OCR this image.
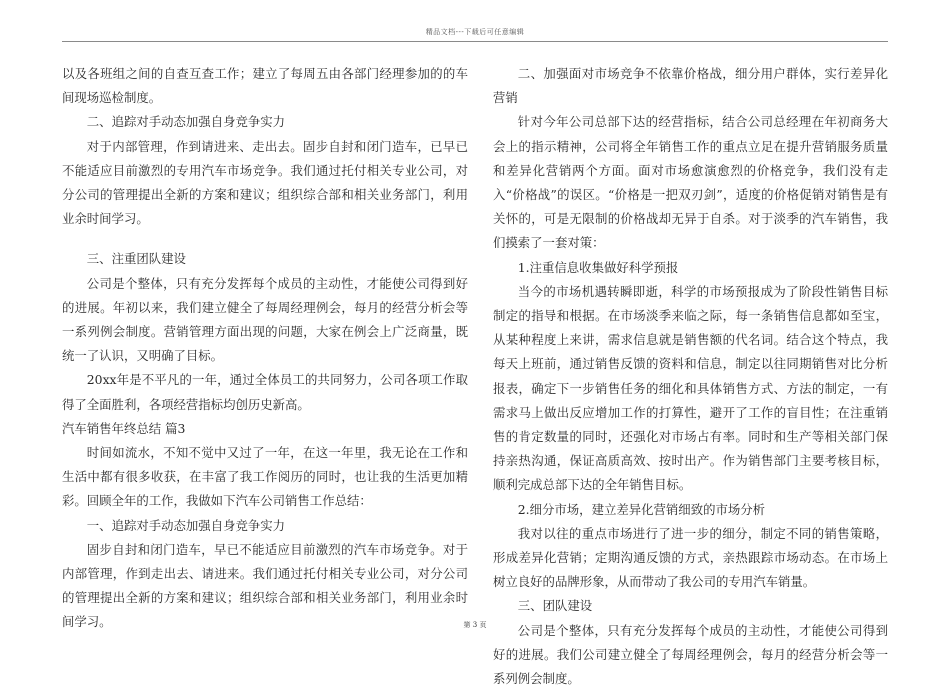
精品文档---下载后可任意编辑

以及各班组之间的自查互查工作；建立了每周五由各部门经理参加的的车间现场巡检制度。

二、追踪对手动态加强自身竞争实力

对于内部管理，作到请进来、走出去。固步自封和闭门造车，已早已不能适应目前激烈的专用汽车市场竞争。我们通过托付相关专业公司，对分公司的管理提出全新的方案和建议；组织综合部和相关业务部门，利用业余时间学习。

三、注重团队建设

公司是个整体，只有充分发挥每个成员的主动性，才能使公司得到好的进展。年初以来，我们建立健全了每周经理例会，每月的经营分析会等一系列例会制度。营销管理方面出现的问题，大家在例会上广泛商量，既统一了认识，又明确了目标。

20xx年是不平凡的一年，通过全体员工的共同努力，公司各项工作取得了全面胜利，各项经营指标均创历史新高。

汽车销售年终总结 篇3

时间如流水，不知不觉中又过了一年，在这一年里，我无论在工作和生活中都有很多收获，在丰富了我工作阅历的同时，也让我的生活更加精彩。回顾全年的工作，我做如下汽车公司销售工作总结：

一、追踪对手动态加强自身竞争实力

固步自封和闭门造车，早已不能适应目前激烈的汽车市场竞争。对于内部管理，作到走出去、请进来。我们通过托付相关专业公司，对分公司的管理提出全新的方案和建议；组织综合部和相关业务部门，利用业余时间学习。

二、加强面对市场竞争不依靠价格战，细分用户群体，实行差异化营销

针对今年公司总部下达的经营指标，结合公司总经理在年初商务大会上的指示精神，公司将全年销售工作的重点立足在提升营销服务质量和差异化营销两个方面。面对市场愈演愈烈的价格竞争，我们没有走入“价格战”的误区。“价格是一把双刃剑”，适度的价格促销对销售是有关怀的，可是无限制的价格战却无异于自杀。对于淡季的汽车销售，我们摸索了一套对策：

1.注重信息收集做好科学预报

当今的市场机遇转瞬即逝，科学的市场预报成为了阶段性销售目标制定的指导和根据。在市场淡季来临之际，每一条销售信息都如至宝，从某种程度上来讲，需求信息就是销售额的代名词。结合这个特点，我每天上班前，通过销售反馈的资料和信息，制定以往同期销售对比分析报表，确定下一步销售任务的细化和具体销售方式、方法的制定，一有需求马上做出反应增加工作的打算性，避开了工作的盲目性；在注重销售的肯定数量的同时，还强化对市场占有率。同时和生产等相关部门保持亲热沟通，保证高质高效、按时出产。作为销售部门主要考核目标，顺利完成总部下达的全年销售目标。

2.细分市场，建立差异化营销细致的市场分析

我对以往的重点市场进行了进一步的细分，制定不同的销售策略，形成差异化营销；定期沟通反馈的方式，亲热跟踪市场动态。在市场上树立良好的品牌形象，从而带动了我公司的专用汽车销量。

三、团队建设

公司是个整体，只有充分发挥每个成员的主动性，才能使公司得到好的进展。我们公司建立健全了每周经理例会，每月的经营分析会等一系列例会制度。

第 3 页
